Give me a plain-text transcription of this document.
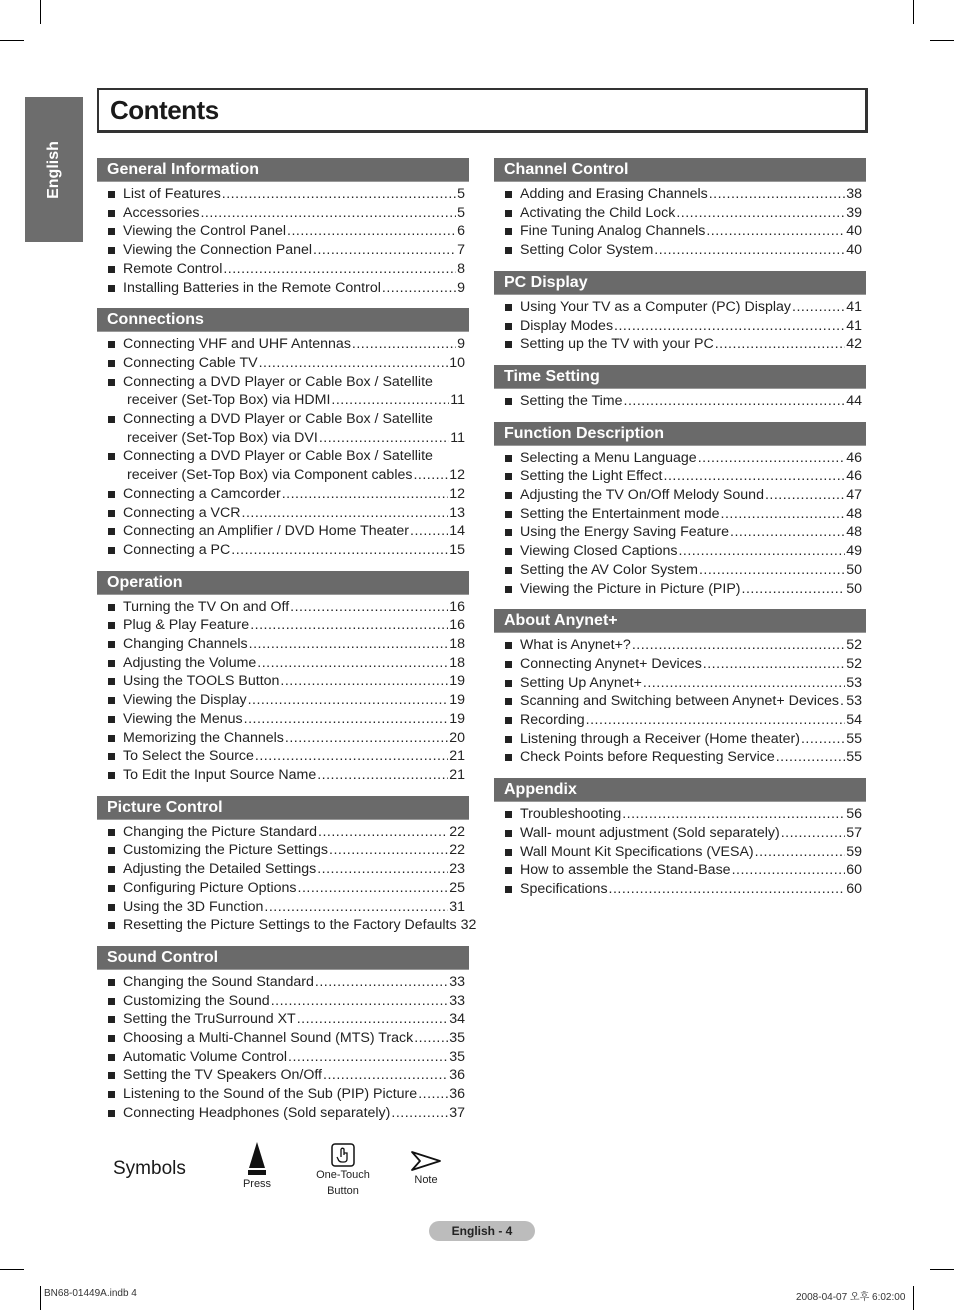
English
Contents
General Information
List of Features .....	5
Accessories .....	5
Viewing the Control Panel .....	6
Viewing the Connection Panel .....	7
Remote Control .....	8
Installing Batteries in the Remote Control .....	9
Connections
Connecting VHF and UHF Antennas .....	9
Connecting Cable TV .....	10
Connecting a DVD Player or Cable Box / Satellite
receiver (Set-Top Box) via HDMI .....	11
Connecting a DVD Player or Cable Box / Satellite
receiver (Set-Top Box) via DVI .....	11
Connecting a DVD Player or Cable Box / Satellite
receiver (Set-Top Box) via Component cables .....	12
Connecting a Camcorder .....	12
Connecting a VCR .....	13
Connecting an Amplifier / DVD Home Theater .....	14
Connecting a PC .....	15
Operation
Turning the TV On and Off .....	16
Plug & Play Feature .....	16
Changing Channels .....	18
Adjusting the Volume .....	18
Using the TOOLS Button .....	19
Viewing the Display .....	19
Viewing the Menus .....	19
Memorizing the Channels .....	20
To Select the Source .....	21
To Edit the Input Source Name .....	21
Picture Control
Changing the Picture Standard .....	22
Customizing the Picture Settings .....	22
Adjusting the Detailed Settings .....	23
Configuring Picture Options .....	25
Using the 3D Function .....	31
Resetting the Picture Settings to the Factory Defaults 32
Sound Control
Changing the Sound Standard .....	33
Customizing the Sound .....	33
Setting the TruSurround XT .....	34
Choosing a Multi-Channel Sound (MTS) Track .....	35
Automatic Volume Control .....	35
Setting the TV Speakers On/Off .....	36
Listening to the Sound of the Sub (PIP) Picture ..... 36
Connecting Headphones (Sold separately) .....	37
Channel Control
Adding and Erasing Channels .....	38
Activating the Child Lock .....	39
Fine Tuning Analog Channels .....	40
Setting Color System .....	40
PC Display
Using Your TV as a Computer (PC) Display .....	41
Display Modes .....	41
Setting up the TV with your PC .....	42
Time Setting
Setting the Time .....	44
Function Description
Selecting a Menu Language .....	46
Setting the Light Effect .....	46
Adjusting the TV On/Off Melody Sound .....	47
Setting the Entertainment mode .....	48
Using the Energy Saving Feature .....	48
Viewing Closed Captions .....	49
Setting the AV Color System .....	50
Viewing the Picture in Picture (PIP) .....	50
About Anynet+
What is Anynet+? .....	52
Connecting Anynet+ Devices .....	52
Setting Up Anynet+ .....	53
Scanning and Switching between Anynet+ Devices ..... 53
Recording .....	54
Listening through a Receiver (Home theater) .....	55
Check Points before Requesting Service .....	55
Appendix
Troubleshooting .....	56
Wall- mount adjustment (Sold separately) .....	57
Wall Mount Kit Specifications (VESA) .....	59
How to assemble the Stand-Base .....	60
Specifications .....	60
Symbols
Press
One-Touch
Button
Note
English - 4
BN68-01449A.indb 4	2008-04-07 오후 6:02:00
